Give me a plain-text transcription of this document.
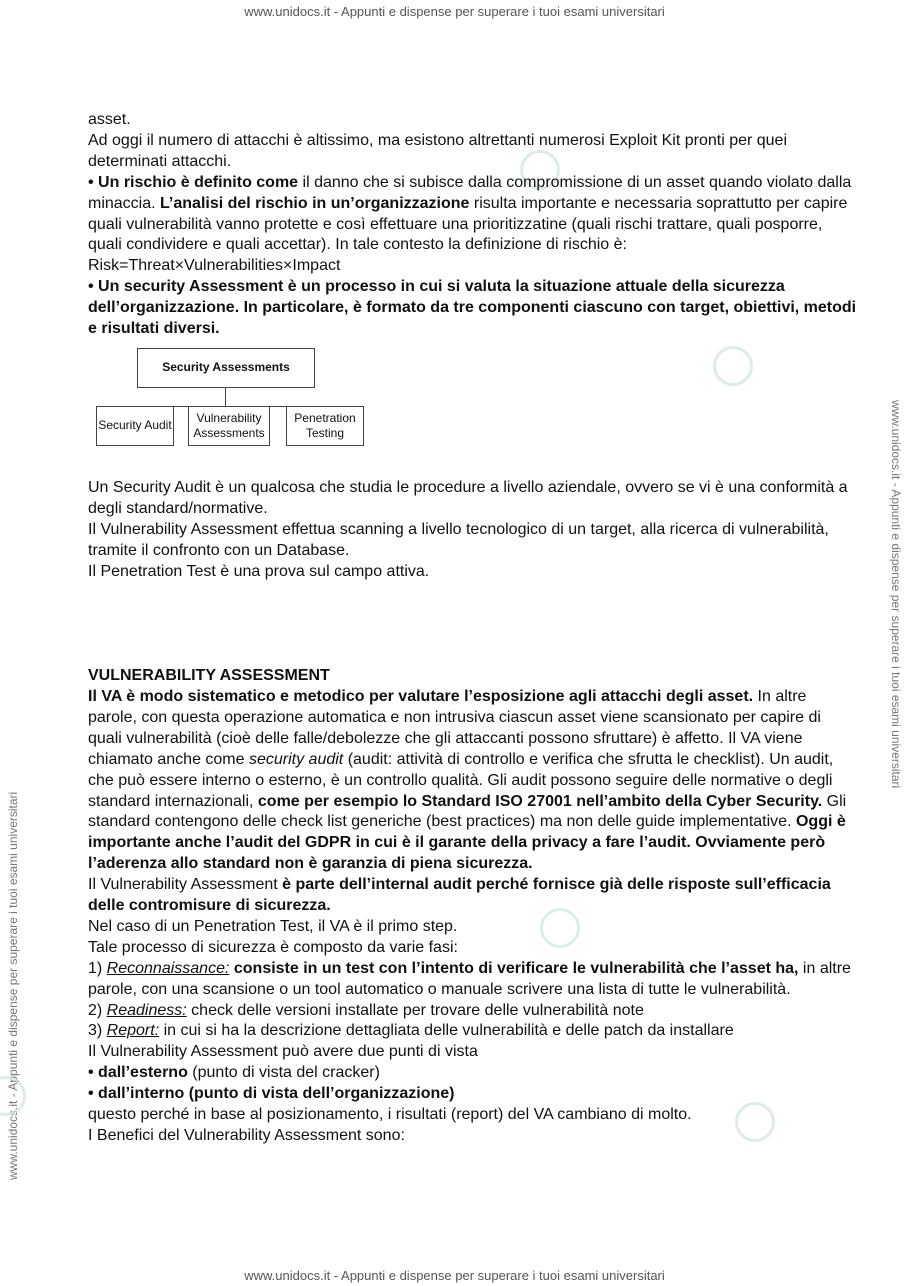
www.unidocs.it - Appunti e dispense per superare i tuoi esami universitari
www.unidocs.it - Appunti e dispense per superare i tuoi esami universitari
www.unidocs.it - Appunti e dispense per superare i tuoi esami universitari

asset.

Ad oggi il numero di attacchi è altissimo, ma esistono altrettanti numerosi Exploit Kit pronti per quei determinati attacchi.

• Un rischio è definito come il danno che si subisce dalla compromissione di un asset quando violato dalla minaccia. L’analisi del rischio in un’organizzazione risulta importante e necessaria soprattutto per capire quali vulnerabilità vanno protette e così effettuare una prioritizzatine (quali rischi trattare, quali posporre, quali condividere e quali accettar). In tale contesto la definizione di rischio è: Risk=Threat×Vulnerabilities×Impact

• Un security Assessment è un processo in cui si valuta la situazione attuale della sicurezza dell’organizzazione. In particolare, è formato da tre componenti ciascuno con target, obiettivi, metodi e risultati diversi.

Security Assessments
Security Audit
Vulnerability Assessments
Penetration Testing

Un Security Audit è un qualcosa che studia le procedure a livello aziendale, ovvero se vi è una conformità a degli standard/normative.

Il Vulnerability Assessment effettua scanning a livello tecnologico di un target, alla ricerca di vulnerabilità, tramite il confronto con un Database.

Il Penetration Test è una prova sul campo attiva.

VULNERABILITY ASSESSMENT

Il VA è modo sistematico e metodico per valutare l’esposizione agli attacchi degli asset. In altre parole, con questa operazione automatica e non intrusiva ciascun asset viene scansionato per capire di quali vulnerabilità (cioè delle falle/debolezze che gli attaccanti possono sfruttare) è affetto. Il VA viene chiamato anche come security audit (audit: attività di controllo e verifica che sfrutta le checklist). Un audit, che può essere interno o esterno, è un controllo qualità. Gli audit possono seguire delle normative o degli standard internazionali, come per esempio lo Standard ISO 27001 nell’ambito della Cyber Security. Gli standard contengono delle check list generiche (best practices) ma non delle guide implementative. Oggi è importante anche l’audit del GDPR in cui è il garante della privacy a fare l’audit. Ovviamente però l’aderenza allo standard non è garanzia di piena sicurezza.

Il Vulnerability Assessment è parte dell’internal audit perché fornisce già delle risposte sull’efficacia delle contromisure di sicurezza.

Nel caso di un Penetration Test, il VA è il primo step.

Tale processo di sicurezza è composto da varie fasi:

1) Reconnaissance: consiste in un test con l’intento di verificare le vulnerabilità che l’asset ha, in altre parole, con una scansione o un tool automatico o manuale scrivere una lista di tutte le vulnerabilità.

2) Readiness: check delle versioni installate per trovare delle vulnerabilità note

3) Report: in cui si ha la descrizione dettagliata delle vulnerabilità e delle patch da installare

Il Vulnerability Assessment può avere due punti di vista

• dall’esterno (punto di vista del cracker)

• dall’interno (punto di vista dell’organizzazione)

questo perché in base al posizionamento, i risultati (report) del VA cambiano di molto.

I Benefici del Vulnerability Assessment sono:

www.unidocs.it - Appunti e dispense per superare i tuoi esami universitari
